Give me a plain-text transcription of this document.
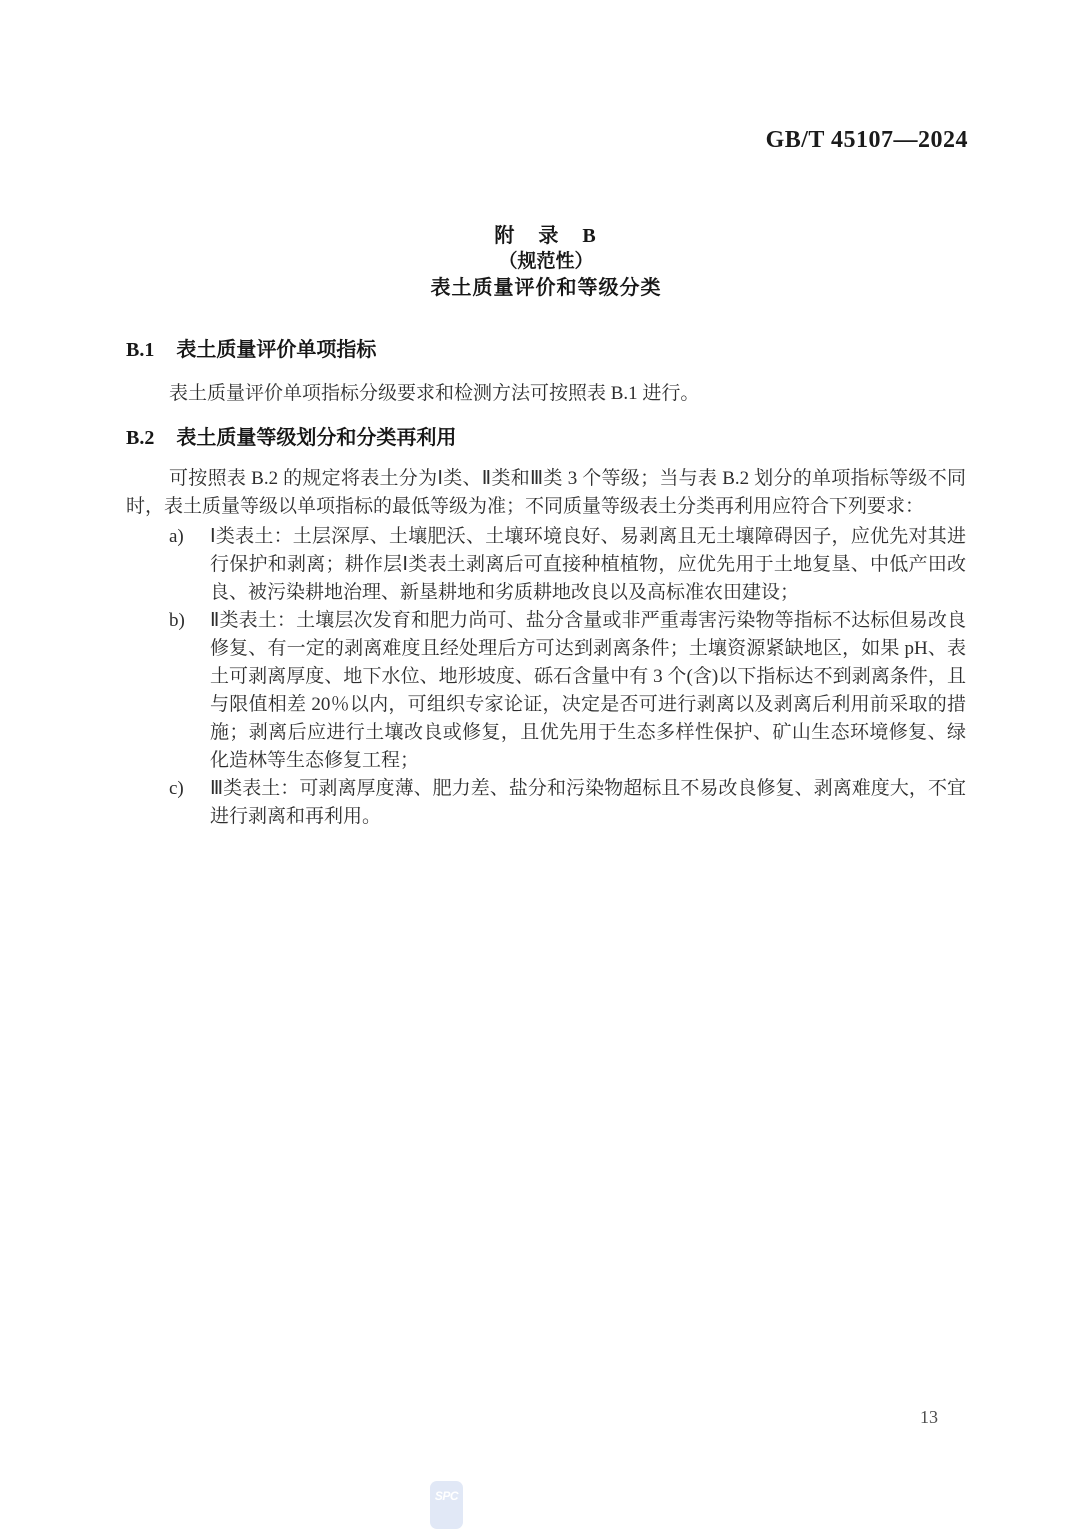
GB/T 45107—2024
附　录　B
（规范性）
表土质量评价和等级分类
B.1 表土质量评价单项指标
表土质量评价单项指标分级要求和检测方法可按照表 B.1 进行。
B.2 表土质量等级划分和分类再利用
可按照表 B.2 的规定将表土分为Ⅰ类、Ⅱ类和Ⅲ类 3 个等级；当与表 B.2 划分的单项指标等级不同时，表土质量等级以单项指标的最低等级为准；不同质量等级表土分类再利用应符合下列要求：
a)	Ⅰ类表土：土层深厚、土壤肥沃、土壤环境良好、易剥离且无土壤障碍因子，应优先对其进行保护和剥离；耕作层Ⅰ类表土剥离后可直接种植植物，应优先用于土地复垦、中低产田改良、被污染耕地治理、新垦耕地和劣质耕地改良以及高标准农田建设；
b)	Ⅱ类表土：土壤层次发育和肥力尚可、盐分含量或非严重毒害污染物等指标不达标但易改良修复、有一定的剥离难度且经处理后方可达到剥离条件；土壤资源紧缺地区，如果 pH、表土可剥离厚度、地下水位、地形坡度、砾石含量中有 3 个(含)以下指标达不到剥离条件，且与限值相差 20％以内，可组织专家论证，决定是否可进行剥离以及剥离后利用前采取的措施；剥离后应进行土壤改良或修复，且优先用于生态多样性保护、矿山生态环境修复、绿化造林等生态修复工程；
c)	Ⅲ类表土：可剥离厚度薄、肥力差、盐分和污染物超标且不易改良修复、剥离难度大，不宜进行剥离和再利用。
13
SPC
